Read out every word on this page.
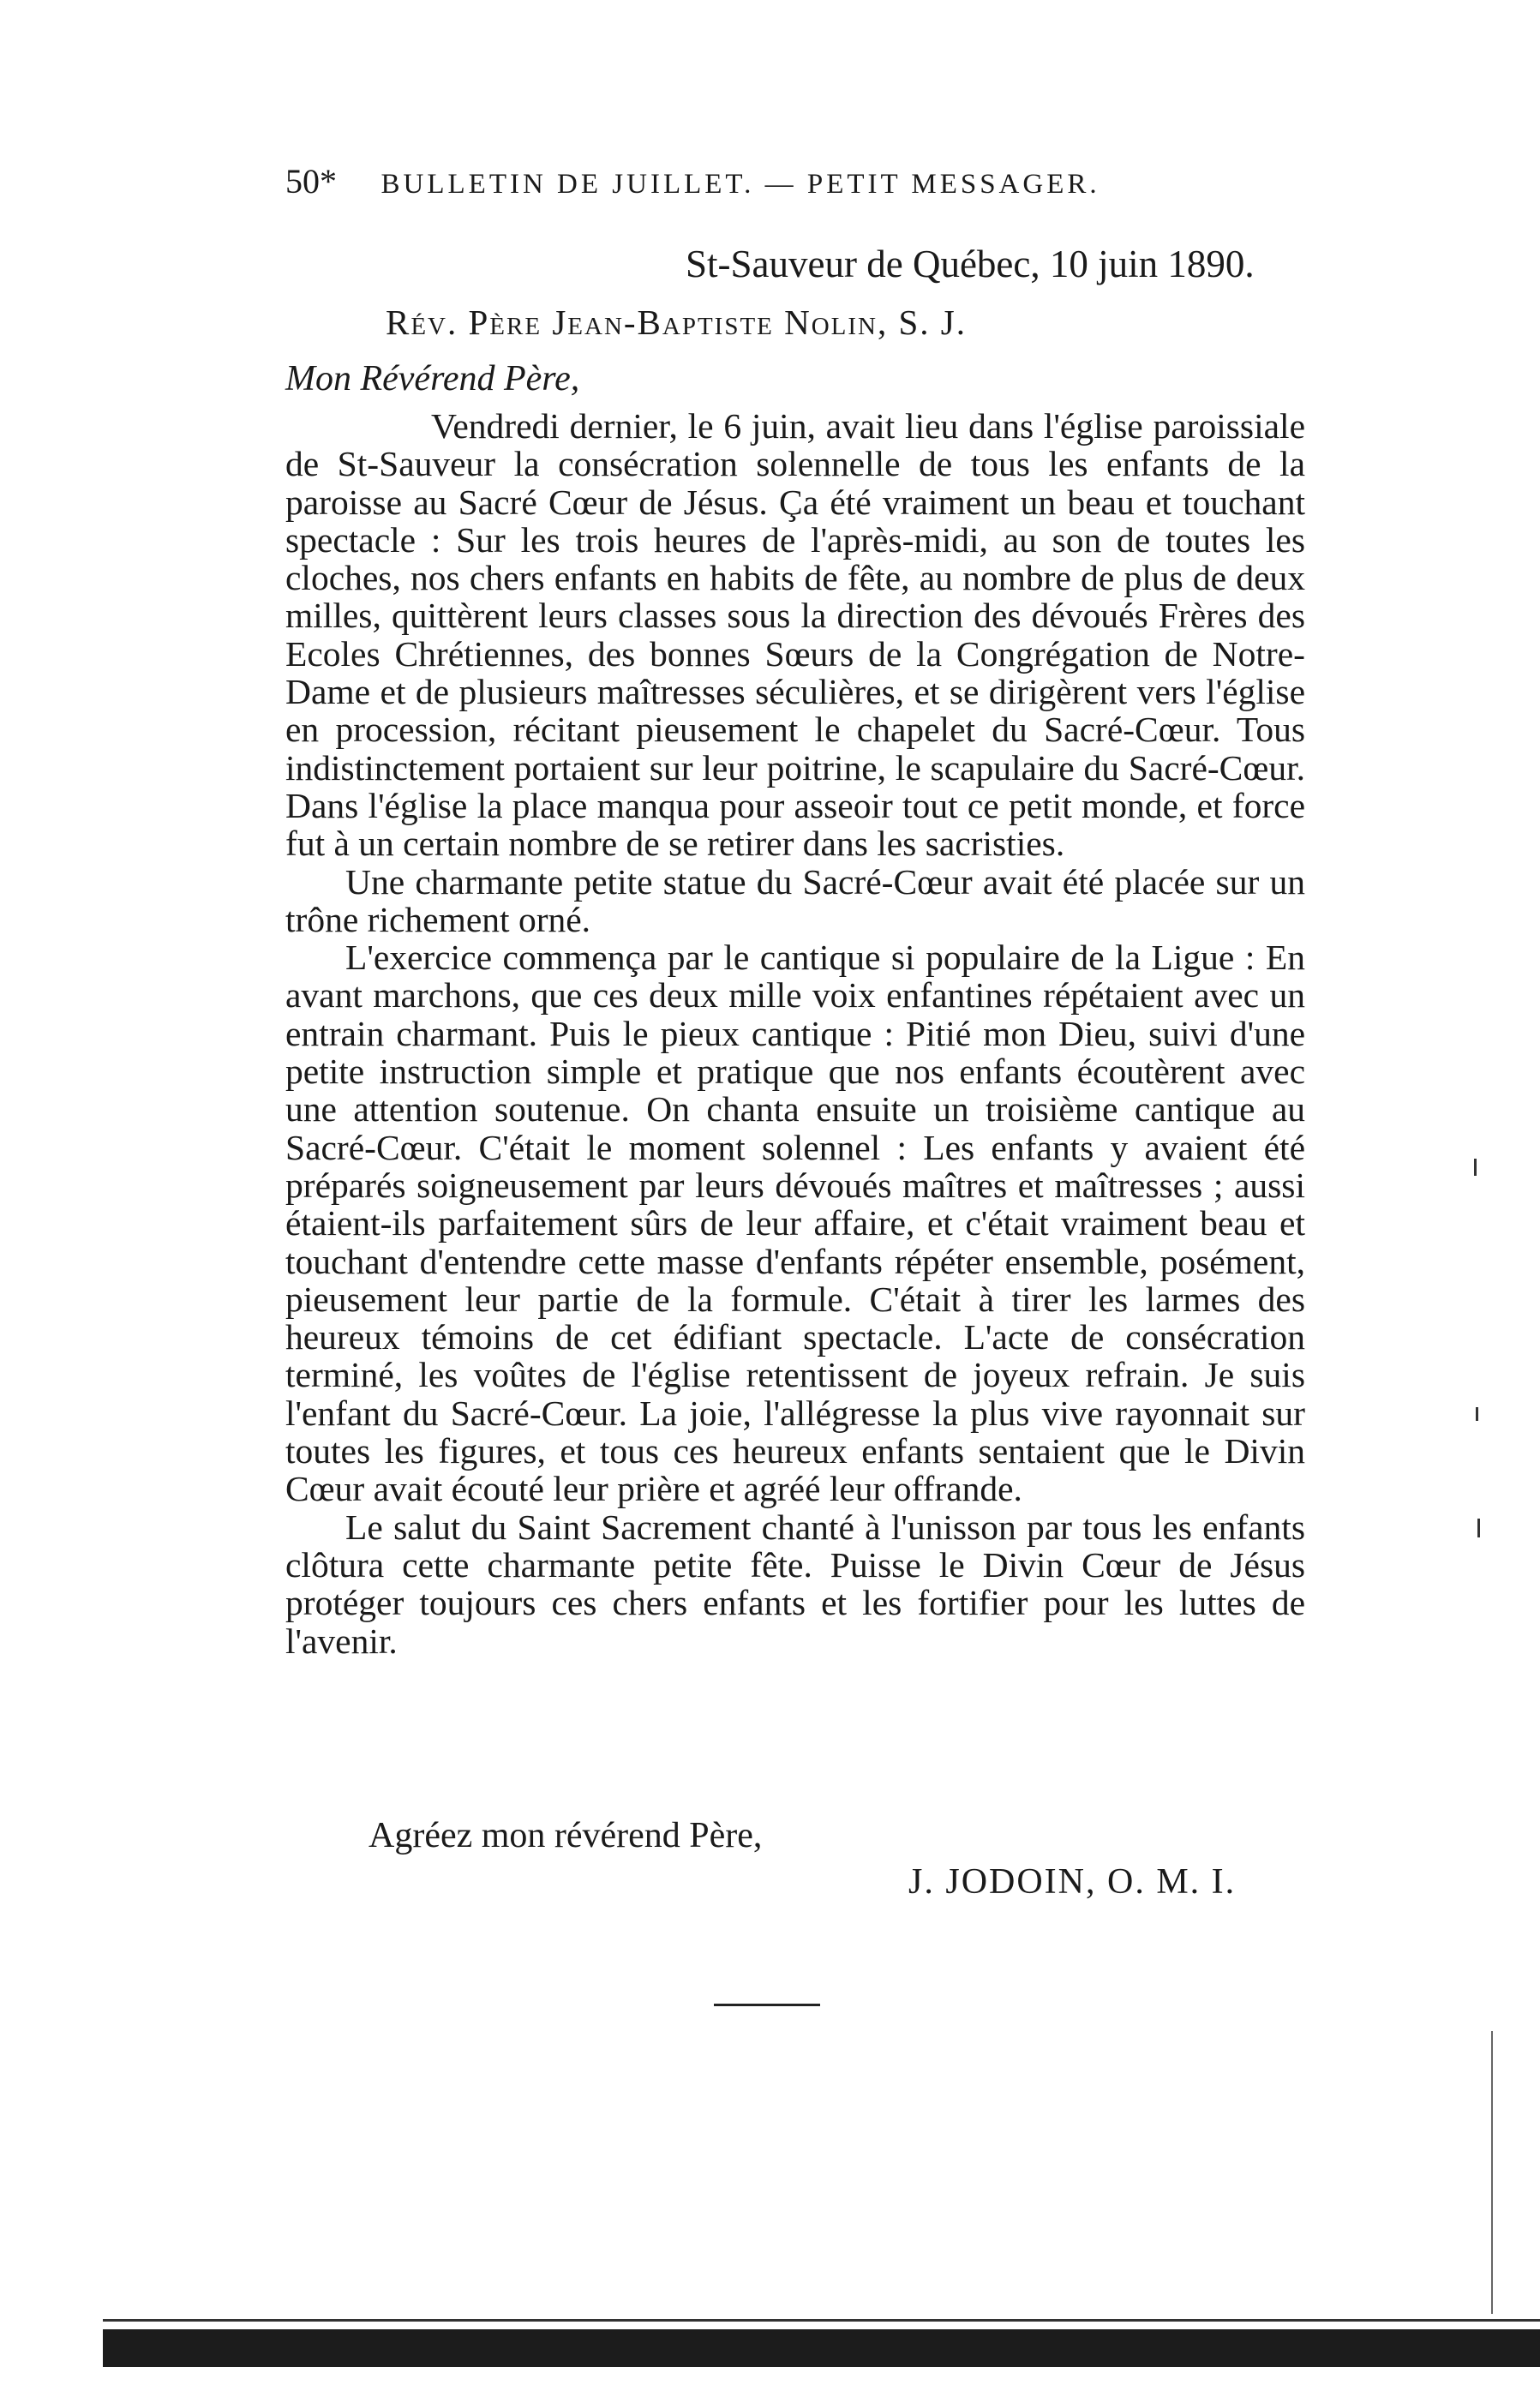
50* BULLETIN DE JUILLET. — PETIT MESSAGER.
St-Sauveur de Québec, 10 juin 1890.
Rév. Père Jean-Baptiste Nolin, S. J.
Mon Révérend Père,

Vendredi dernier, le 6 juin, avait lieu dans l'église paroissiale de St-Sauveur la consécration solennelle de tous les enfants de la paroisse au Sacré Cœur de Jésus. Ça été vraiment un beau et touchant spectacle : Sur les trois heures de l'après-midi, au son de toutes les cloches, nos chers enfants en habits de fête, au nombre de plus de deux milles, quittèrent leurs classes sous la direction des dévoués Frères des Ecoles Chrétiennes, des bonnes Sœurs de la Congrégation de Notre-Dame et de plusieurs maîtresses séculières, et se dirigèrent vers l'église en procession, récitant pieusement le chapelet du Sacré-Cœur. Tous indistinctement portaient sur leur poitrine, le scapulaire du Sacré-Cœur. Dans l'église la place manqua pour asseoir tout ce petit monde, et force fut à un certain nombre de se retirer dans les sacristies.

Une charmante petite statue du Sacré-Cœur avait été placée sur un trône richement orné.

L'exercice commença par le cantique si populaire de la Ligue : En avant marchons, que ces deux mille voix enfantines répétaient avec un entrain charmant. Puis le pieux cantique : Pitié mon Dieu, suivi d'une petite instruction simple et pratique que nos enfants écoutèrent avec une attention soutenue. On chanta ensuite un troisième cantique au Sacré-Cœur. C'était le moment solennel : Les enfants y avaient été préparés soigneusement par leurs dévoués maîtres et maîtresses ; aussi étaient-ils parfaitement sûrs de leur affaire, et c'était vraiment beau et touchant d'entendre cette masse d'enfants répéter ensemble, posément, pieusement leur partie de la formule. C'était à tirer les larmes des heureux témoins de cet édifiant spectacle. L'acte de consécration terminé, les voûtes de l'église retentissent de joyeux refrain. Je suis l'enfant du Sacré-Cœur. La joie, l'allégresse la plus vive rayonnait sur toutes les figures, et tous ces heureux enfants sentaient que le Divin Cœur avait écouté leur prière et agréé leur offrande.

Le salut du Saint Sacrement chanté à l'unisson par tous les enfants clôtura cette charmante petite fête. Puisse le Divin Cœur de Jésus protéger toujours ces chers enfants et les fortifier pour les luttes de l'avenir.

Agréez mon révérend Père,
J. JODOIN, O. M. I.
